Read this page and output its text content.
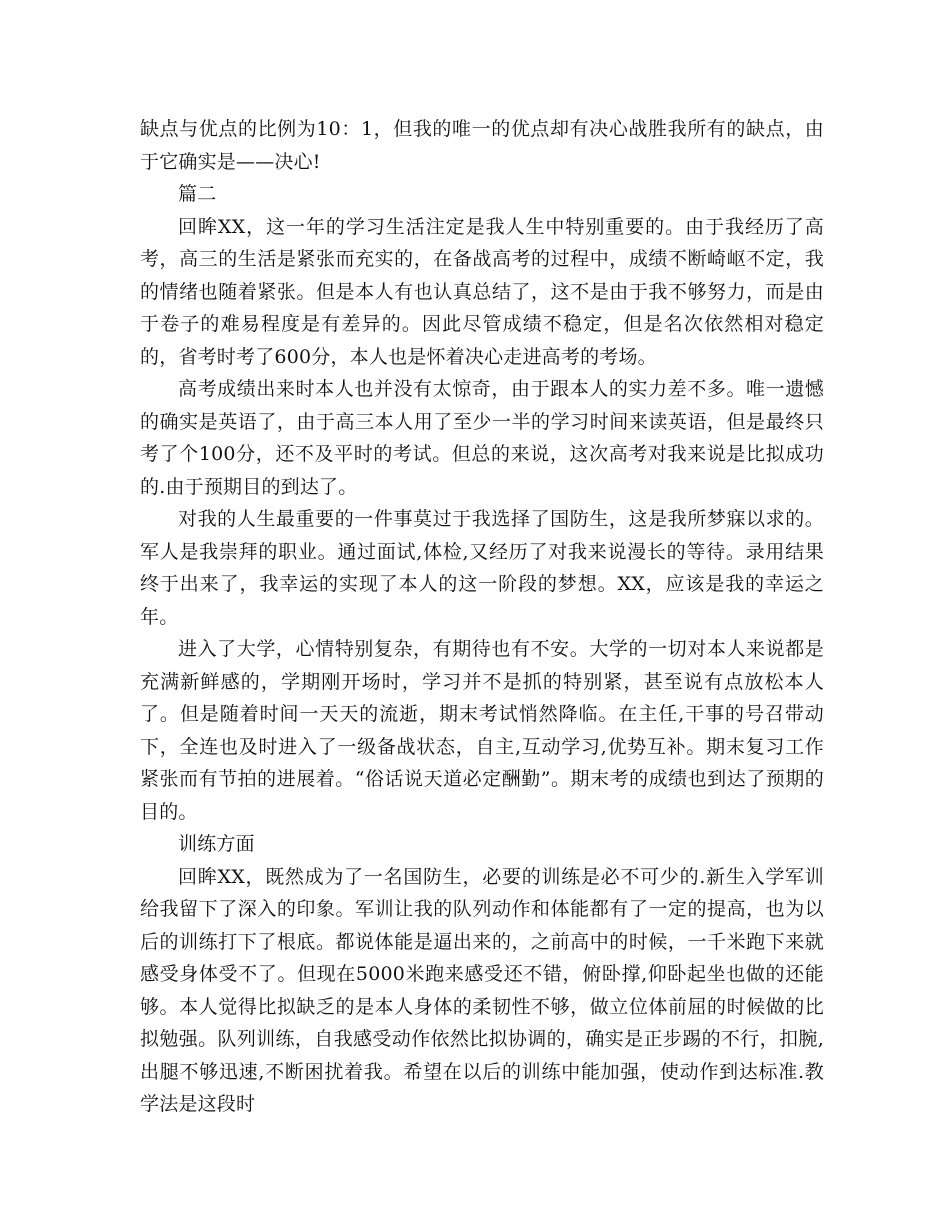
缺点与优点的比例为10：1，但我的唯一的优点却有决心战胜我所有的缺点，由于它确实是——决心!

篇二

回眸XX，这一年的学习生活注定是我人生中特别重要的。由于我经历了高考，高三的生活是紧张而充实的，在备战高考的过程中，成绩不断崎岖不定，我的情绪也随着紧张。但是本人有也认真总结了，这不是由于我不够努力，而是由于卷子的难易程度是有差异的。因此尽管成绩不稳定，但是名次依然相对稳定的，省考时考了600分，本人也是怀着决心走进高考的考场。

高考成绩出来时本人也并没有太惊奇，由于跟本人的实力差不多。唯一遗憾的确实是英语了，由于高三本人用了至少一半的学习时间来读英语，但是最终只考了个100分，还不及平时的考试。但总的来说，这次高考对我来说是比拟成功的.由于预期目的到达了。

对我的人生最重要的一件事莫过于我选择了国防生，这是我所梦寐以求的。军人是我崇拜的职业。通过面试,体检,又经历了对我来说漫长的等待。录用结果终于出来了，我幸运的实现了本人的这一阶段的梦想。XX，应该是我的幸运之年。

进入了大学，心情特别复杂，有期待也有不安。大学的一切对本人来说都是充满新鲜感的，学期刚开场时，学习并不是抓的特别紧，甚至说有点放松本人了。但是随着时间一天天的流逝，期末考试悄然降临。在主任,干事的号召带动下，全连也及时进入了一级备战状态，自主,互动学习,优势互补。期末复习工作紧张而有节拍的进展着。“俗话说天道必定酬勤”。期末考的成绩也到达了预期的目的。

训练方面

回眸XX，既然成为了一名国防生，必要的训练是必不可少的.新生入学军训给我留下了深入的印象。军训让我的队列动作和体能都有了一定的提高，也为以后的训练打下了根底。都说体能是逼出来的，之前高中的时候，一千米跑下来就感受身体受不了。但现在5000米跑来感受还不错，俯卧撑,仰卧起坐也做的还能够。本人觉得比拟缺乏的是本人身体的柔韧性不够，做立位体前屈的时候做的比拟勉强。队列训练，自我感受动作依然比拟协调的，确实是正步踢的不行，扣腕,出腿不够迅速,不断困扰着我。希望在以后的训练中能加强，使动作到达标准.教学法是这段时
